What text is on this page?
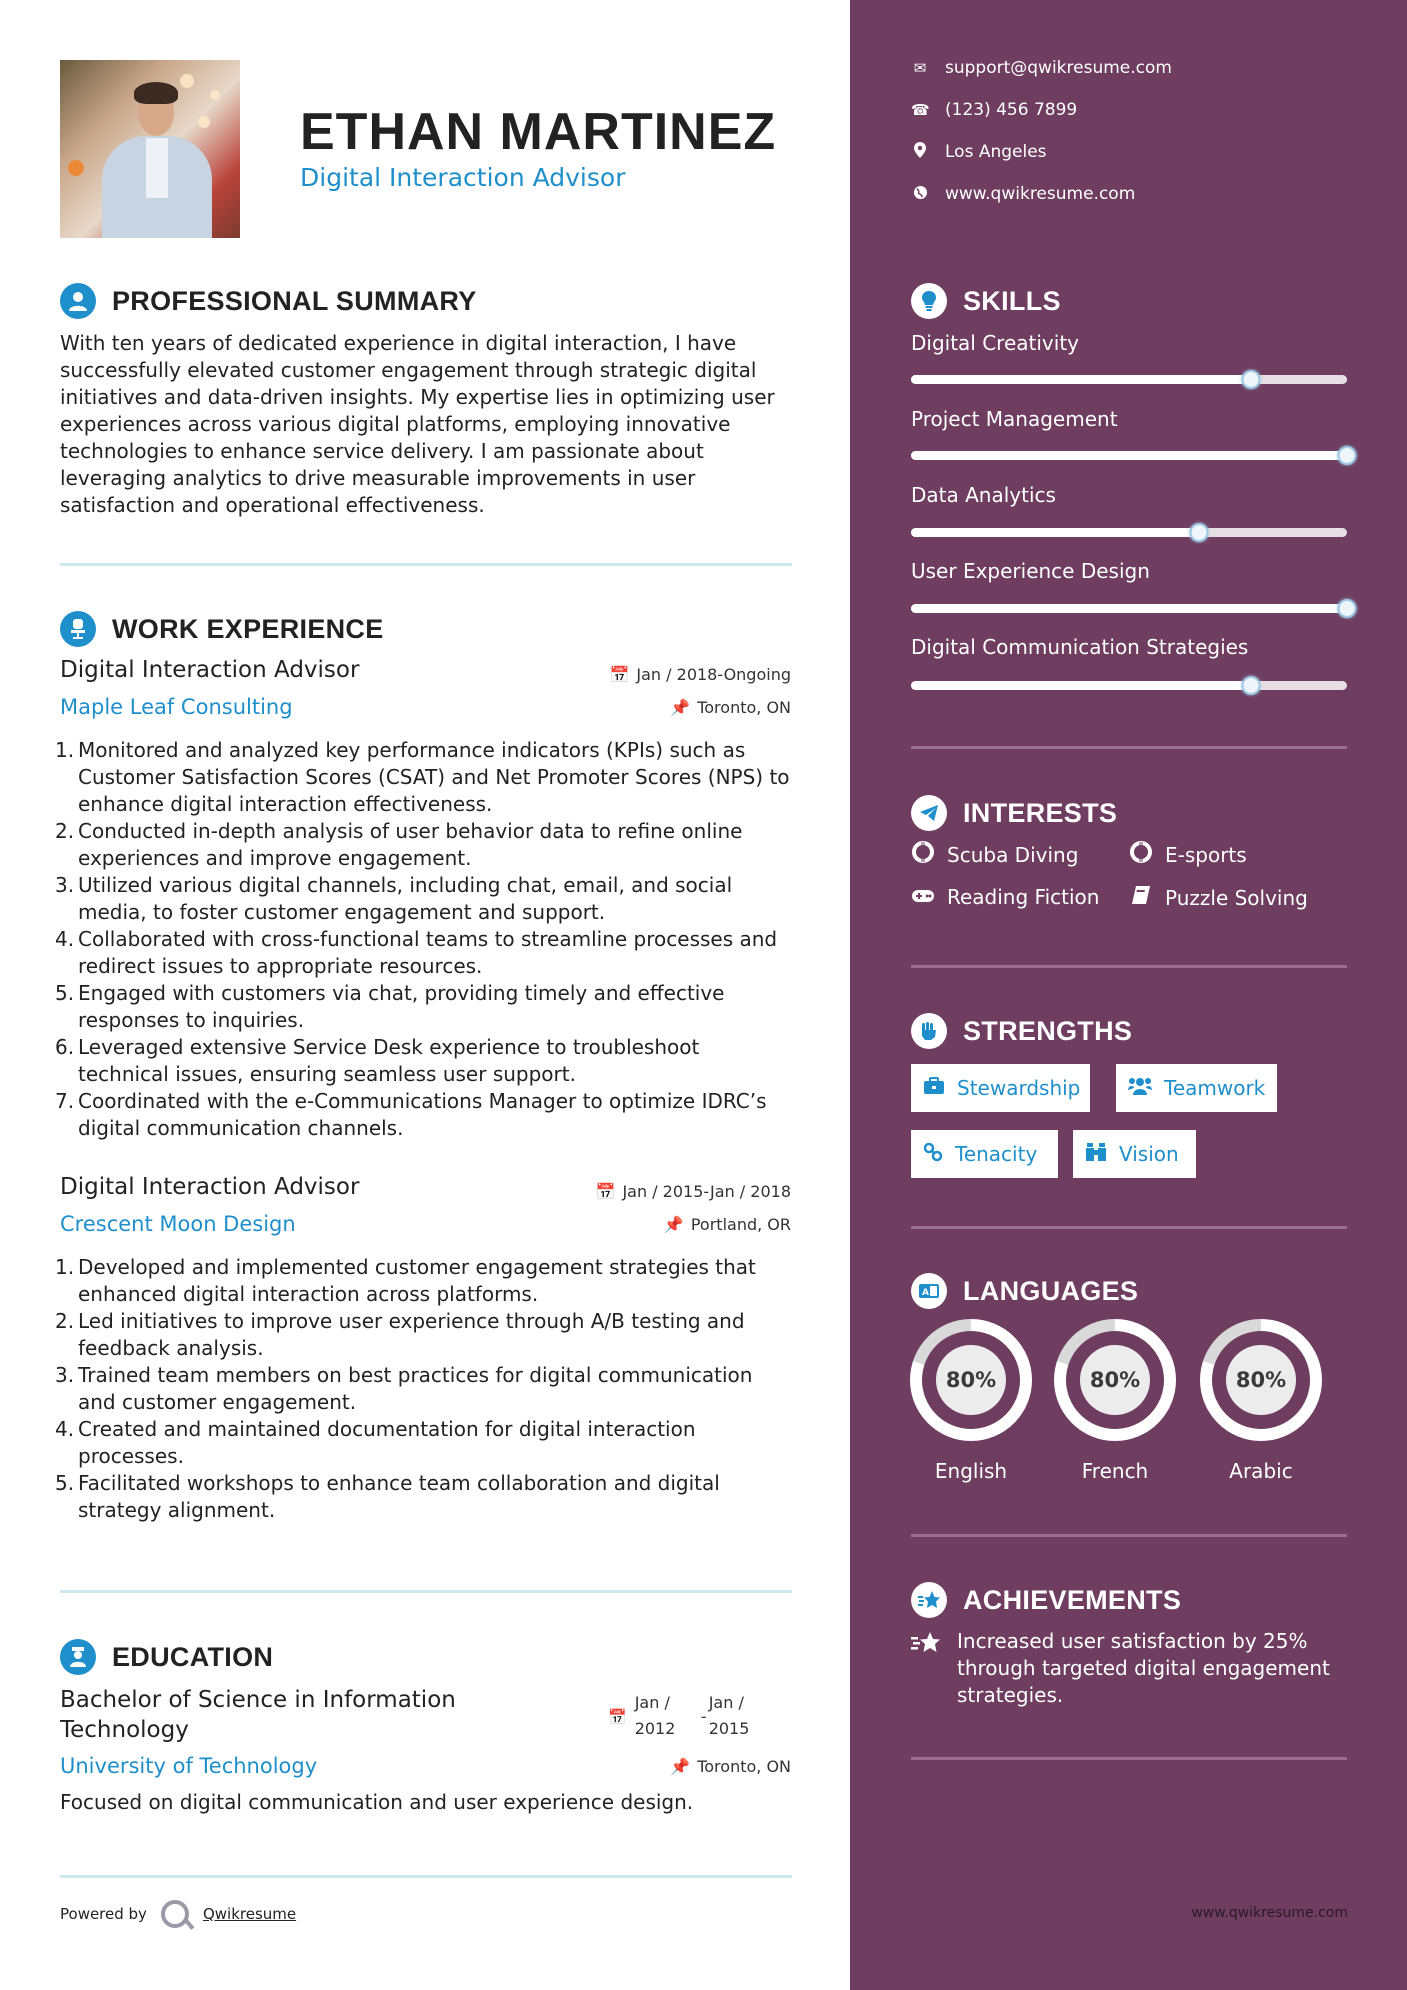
ETHAN MARTINEZ
Digital Interaction Advisor
PROFESSIONAL SUMMARY
With ten years of dedicated experience in digital interaction, I have successfully elevated customer engagement through strategic digital initiatives and data-driven insights. My expertise lies in optimizing user experiences across various digital platforms, employing innovative technologies to enhance service delivery. I am passionate about leveraging analytics to drive measurable improvements in user satisfaction and operational effectiveness.
WORK EXPERIENCE
Digital Interaction Advisor	📅 Jan / 2018-Ongoing
Maple Leaf Consulting	📌 Toronto, ON
1. Monitored and analyzed key performance indicators (KPIs) such as Customer Satisfaction Scores (CSAT) and Net Promoter Scores (NPS) to enhance digital interaction effectiveness.
2. Conducted in-depth analysis of user behavior data to refine online experiences and improve engagement.
3. Utilized various digital channels, including chat, email, and social media, to foster customer engagement and support.
4. Collaborated with cross-functional teams to streamline processes and redirect issues to appropriate resources.
5. Engaged with customers via chat, providing timely and effective responses to inquiries.
6. Leveraged extensive Service Desk experience to troubleshoot technical issues, ensuring seamless user support.
7. Coordinated with the e-Communications Manager to optimize IDRC’s digital communication channels.
Digital Interaction Advisor	📅 Jan / 2015-Jan / 2018
Crescent Moon Design	📌 Portland, OR
1. Developed and implemented customer engagement strategies that enhanced digital interaction across platforms.
2. Led initiatives to improve user experience through A/B testing and feedback analysis.
3. Trained team members on best practices for digital communication and customer engagement.
4. Created and maintained documentation for digital interaction processes.
5. Facilitated workshops to enhance team collaboration and digital strategy alignment.
EDUCATION
Bachelor of Science in Information
Technology	📅
Jan /
2012
-
Jan /
2015
University of Technology	📌 Toronto, ON
Focused on digital communication and user experience design.
Powered by	Qwikresume
✉ support@qwikresume.com
☎ (123) 456 7899
Los Angeles
www.qwikresume.com
SKILLS
Digital Creativity
Project Management
Data Analytics
User Experience Design
Digital Communication Strategies
INTERESTS
Scuba Diving	E-sports
Reading Fiction	Puzzle Solving
STRENGTHS
Stewardship	Teamwork
Tenacity	Vision
A LANGUAGES
80%
English
80%
French
80%
Arabic
ACHIEVEMENTS
Increased user satisfaction by 25% through targeted digital engagement strategies.
www.qwikresume.com
